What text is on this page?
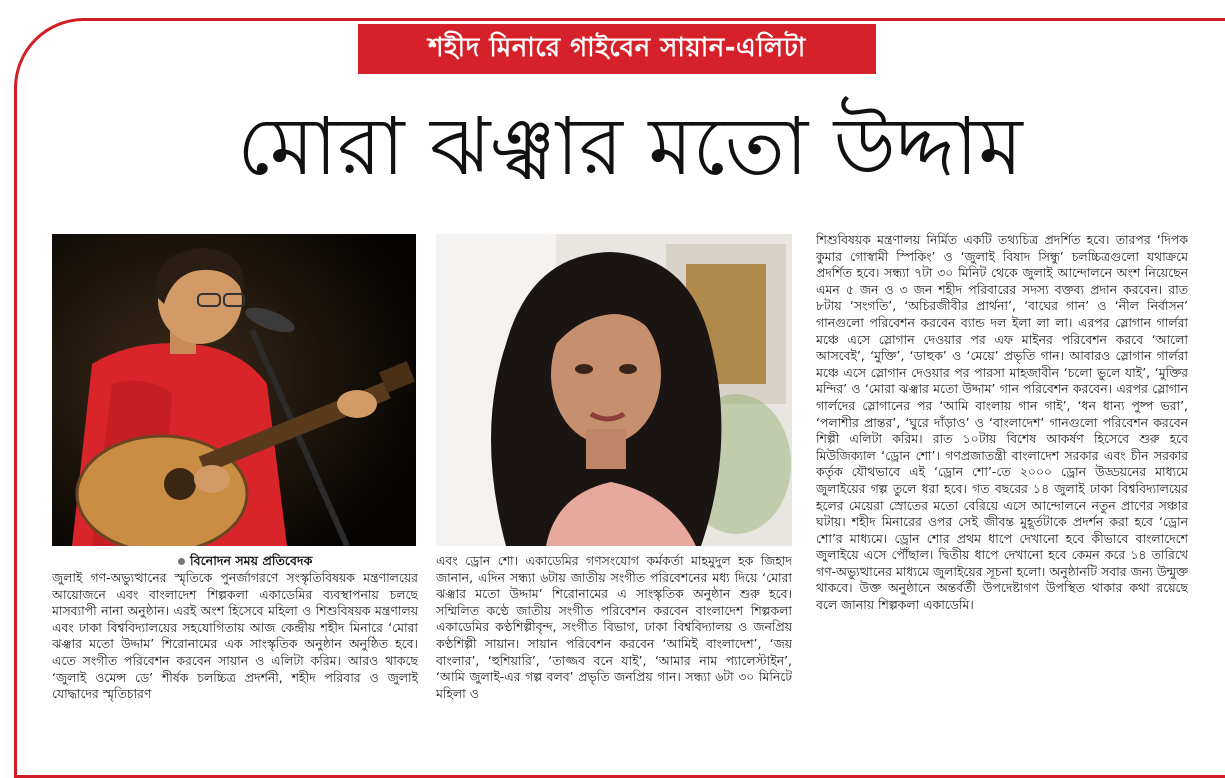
শহীদ মিনারে গাইবেন সায়ান-এলিটা
মোরা ঝঞ্ঝার মতো উদ্দাম
বিনোদন সময় প্রতিবেদক

জুলাই গণ-অভ্যুত্থানের স্মৃতিকে পুনর্জাগরণে সংস্কৃতিবিষয়ক মন্ত্রণালয়ের আয়োজনে এবং বাংলাদেশ শিল্পকলা একাডেমির ব্যবস্থাপনায় চলছে মাসব্যাপী নানা অনুষ্ঠান। এরই অংশ হিসেবে মহিলা ও শিশুবিষয়ক মন্ত্রণালয় এবং ঢাকা বিশ্ববিদ্যালয়ের সহযোগিতায় আজ কেন্দ্রীয় শহীদ মিনারে ‘মোরা ঝঞ্ঝার মতো উদ্দাম’ শিরোনামের এক সাংস্কৃতিক অনুষ্ঠান অনুষ্ঠিত হবে। এতে সংগীত পরিবেশন করবেন সায়ান ও এলিটা করিম। আরও থাকছে ‘জুলাই ওমেন্স ডে’ শীর্ষক চলচ্চিত্র প্রদর্শনী, শহীদ পরিবার ও জুলাই যোদ্ধাদের স্মৃতিচারণ

এবং ড্রোন শো। একাডেমির গণসংযোগ কর্মকর্তা মাহমুদুল হক জিহাদ জানান, এদিন সন্ধ্যা ৬টায় জাতীয় সংগীত পরিবেশনের মধ্য দিয়ে ‘মোরা ঝঞ্ঝার মতো উদ্দাম’ শিরোনামের এ সাংস্কৃতিক অনুষ্ঠান শুরু হবে। সম্মিলিত কণ্ঠে জাতীয় সংগীত পরিবেশন করবেন বাংলাদেশ শিল্পকলা একাডেমির কণ্ঠশিল্পীবৃন্দ, সংগীত বিভাগ, ঢাকা বিশ্ববিদ্যালয় ও জনপ্রিয় কণ্ঠশিল্পী সায়ান। সায়ান পরিবেশন করবেন ‘আমিই বাংলাদেশ’, ‘জয় বাংলার’, ‘হুশিয়ারি’, ‘তাজ্জব বনে যাই’, ‘আমার নাম প্যালেস্টাইন’, ‘আমি জুলাই-এর গল্প বলব’ প্রভৃতি জনপ্রিয় গান। সন্ধ্যা ৬টা ৩০ মিনিটে মহিলা ও

শিশুবিষয়ক মন্ত্রণালয় নির্মিত একটি তথ্যচিত্র প্রদর্শিত হবে। তারপর ‘দিপক কুমার গোস্বামী স্পিকিং’ ও ‘জুলাই বিষাদ সিন্ধু’ চলচ্চিত্রগুলো যথাক্রমে প্রদর্শিত হবে। সন্ধ্যা ৭টা ৩০ মিনিট থেকে জুলাই আন্দোলনে অংশ নিয়েছেন এমন ৫ জন ও ৩ জন শহীদ পরিবারের সদস্য বক্তব্য প্রদান করবেন। রাত ৮টায় ‘সংগতি’, ‘অচিরজীবীর প্রার্থনা’, ‘বাঘের গান’ ও ‘নীল নির্বাসন’ গানগুলো পরিবেশন করবেন ব্যান্ড দল ইলা লা লা। এরপর স্লোগান গার্লরা মঞ্চে এসে স্লোগান দেওয়ার পর এফ মাইনর পরিবেশন করবে ‘আলো আসবেই’, ‘মুক্তি’, ‘ডাহুক’ ও ‘মেয়ে’ প্রভৃতি গান। আবারও স্লোগান গার্লরা মঞ্চে এসে স্লোগান দেওয়ার পর পারসা মাহজাবীন ‘চলো ভুলে যাই’, ‘মুক্তির মন্দির’ ও ‘মোরা ঝঞ্ঝার মতো উদ্দাম’ গান পরিবেশন করবেন। এরপর স্লোগান গার্লদের স্লোগানের পর ‘আমি বাংলায় গান গাই’, ‘ধন ধান্য পুষ্প ভরা’, ‘পলাশীর প্রান্তর’, ‘ঘুরে দাঁড়াও’ ও ‘বাংলাদেশ’ গানগুলো পরিবেশন করবেন শিল্পী এলিটা করিম। রাত ১০টায় বিশেষ আকর্ষণ হিসেবে শুরু হবে মিউজিক্যাল ‘ড্রোন শো’। গণপ্রজাতন্ত্রী বাংলাদেশ সরকার এবং চীন সরকার কর্তৃক যৌথভাবে এই ‘ড্রোন শো’-তে ২০০০ ড্রোন উড্ডয়নের মাধ্যমে জুলাইয়ের গল্প তুলে ধরা হবে। গত বছরের ১৪ জুলাই ঢাকা বিশ্ববিদ্যালয়ের হলের মেয়েরা স্রোতের মতো বেরিয়ে এসে আন্দোলনে নতুন প্রাণের সঞ্চার ঘটায়। শহীদ মিনারের ওপর সেই জীবন্ত মুহূর্তটাকে প্রদর্শন করা হবে ‘ড্রোন শো’র মাধ্যমে। ড্রোন শোর প্রথম ধাপে দেখানো হবে কীভাবে বাংলাদেশে জুলাইয়ে এসে পৌঁছাল। দ্বিতীয় ধাপে দেখানো হবে কেমন করে ১৪ তারিখে গণ-অভ্যুত্থানের মাধ্যমে জুলাইয়ের সূচনা হলো। অনুষ্ঠানটি সবার জন্য উন্মুক্ত থাকবে। উক্ত অনুষ্ঠানে অন্তর্বর্তী উপদেষ্টাগণ উপস্থিত থাকার কথা রয়েছে বলে জানায় শিল্পকলা একাডেমি।
